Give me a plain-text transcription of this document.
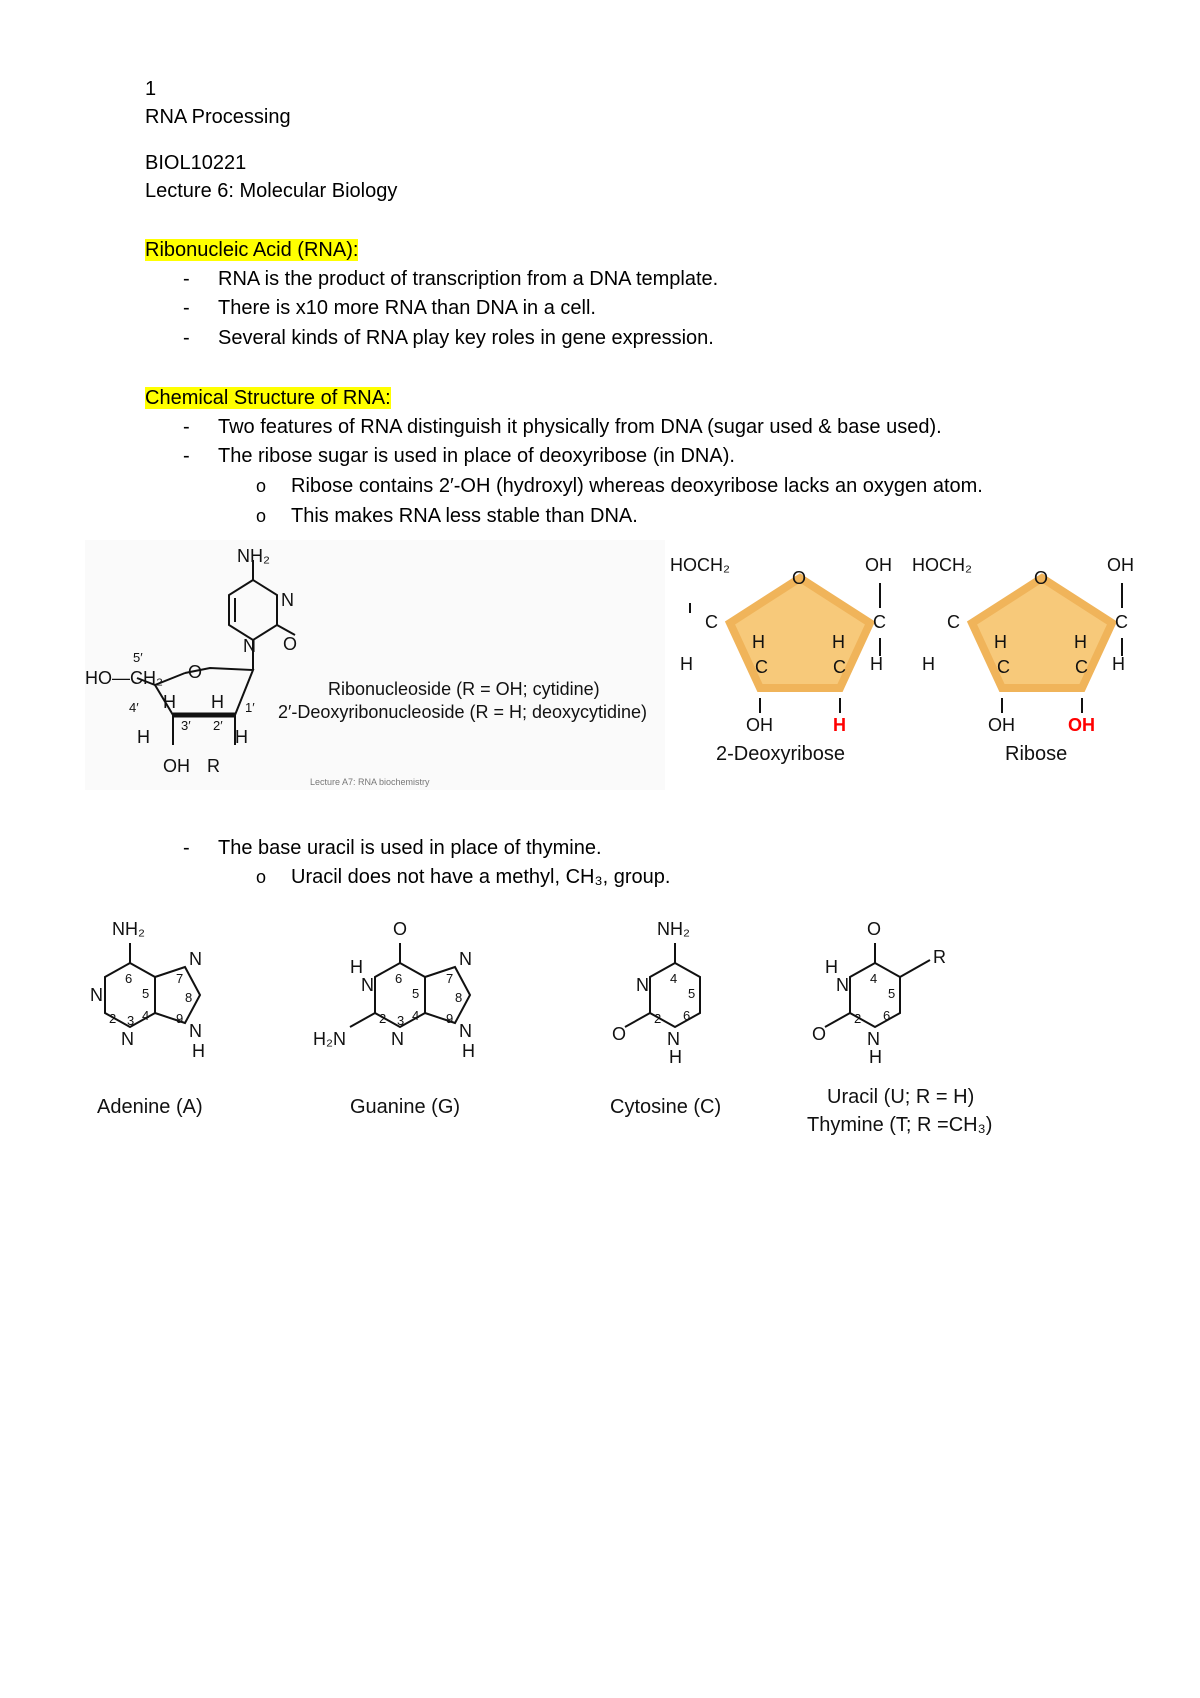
1
RNA Processing
BIOL10221
Lecture 6: Molecular Biology
Ribonucleic Acid (RNA):
- RNA is the product of transcription from a DNA template.
- There is x10 more RNA than DNA in a cell.
- Several kinds of RNA play key roles in gene expression.
Chemical Structure of RNA:
- Two features of RNA distinguish it physically from DNA (sugar used & base used).
- The ribose sugar is used in place of deoxyribose (in DNA).
o Ribose contains 2′-OH (hydroxyl) whereas deoxyribose lacks an oxygen atom.
o This makes RNA less stable than DNA.
NH₂
N
N O
HO—CH₂
5′
O
4′
3′ 2′
1′
H H
H	H
OH R
Ribonucleoside (R = OH; cytidine)
2′-Deoxyribonucleoside (R = H; deoxycytidine)
Lecture A7: RNA biochemistry
HOCH₂
O
OH
C	C
H	H
H	C	C H
OH	H
2-Deoxyribose
HOCH₂
O
OH
C	C
H	H
H	C	C H
OH	OH
Ribose
- The base uracil is used in place of thymine.
o Uracil does not have a methyl, CH₃, group.
NH₂
N
N
N
N
H
6
5
2 3 4
7
8
9
Adenine (A)
O
H
N
N
H₂N
N
N
H
6
5
2 3 4
7
8
9
Guanine (G)
NH₂
N
O N
H
4
5
2 6
Cytosine (C)
O
R
H
N
O N
H
4
5
2 6
Uracil (U; R = H)
Thymine (T; R =CH₃)
